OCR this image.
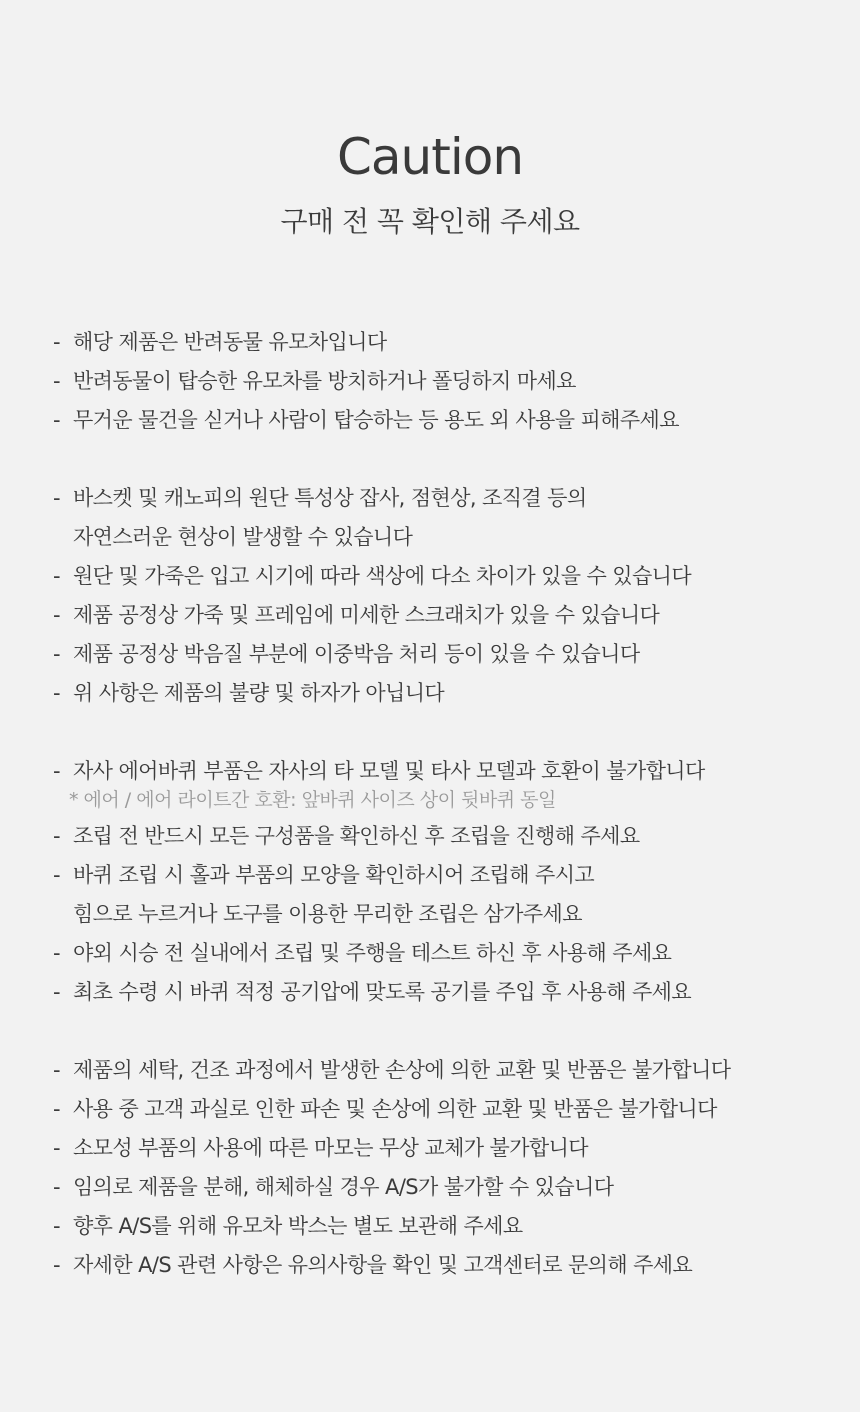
Caution
구매 전 꼭 확인해 주세요
- 해당 제품은 반려동물 유모차입니다
- 반려동물이 탑승한 유모차를 방치하거나 폴딩하지 마세요
- 무거운 물건을 싣거나 사람이 탑승하는 등 용도 외 사용을 피해주세요
- 바스켓 및 캐노피의 원단 특성상 잡사, 점현상, 조직결 등의
자연스러운 현상이 발생할 수 있습니다
- 원단 및 가죽은 입고 시기에 따라 색상에 다소 차이가 있을 수 있습니다
- 제품 공정상 가죽 및 프레임에 미세한 스크래치가 있을 수 있습니다
- 제품 공정상 박음질 부분에 이중박음 처리 등이 있을 수 있습니다
- 위 사항은 제품의 불량 및 하자가 아닙니다
- 자사 에어바퀴 부품은 자사의 타 모델 및 타사 모델과 호환이 불가합니다
* 에어 / 에어 라이트간 호환: 앞바퀴 사이즈 상이 뒷바퀴 동일
- 조립 전 반드시 모든 구성품을 확인하신 후 조립을 진행해 주세요
- 바퀴 조립 시 홀과 부품의 모양을 확인하시어 조립해 주시고
힘으로 누르거나 도구를 이용한 무리한 조립은 삼가주세요
- 야외 시승 전 실내에서 조립 및 주행을 테스트 하신 후 사용해 주세요
- 최초 수령 시 바퀴 적정 공기압에 맞도록 공기를 주입 후 사용해 주세요
- 제품의 세탁, 건조 과정에서 발생한 손상에 의한 교환 및 반품은 불가합니다
- 사용 중 고객 과실로 인한 파손 및 손상에 의한 교환 및 반품은 불가합니다
- 소모성 부품의 사용에 따른 마모는 무상 교체가 불가합니다
- 임의로 제품을 분해, 해체하실 경우 A/S가 불가할 수 있습니다
- 향후 A/S를 위해 유모차 박스는 별도 보관해 주세요
- 자세한 A/S 관련 사항은 유의사항을 확인 및 고객센터로 문의해 주세요
